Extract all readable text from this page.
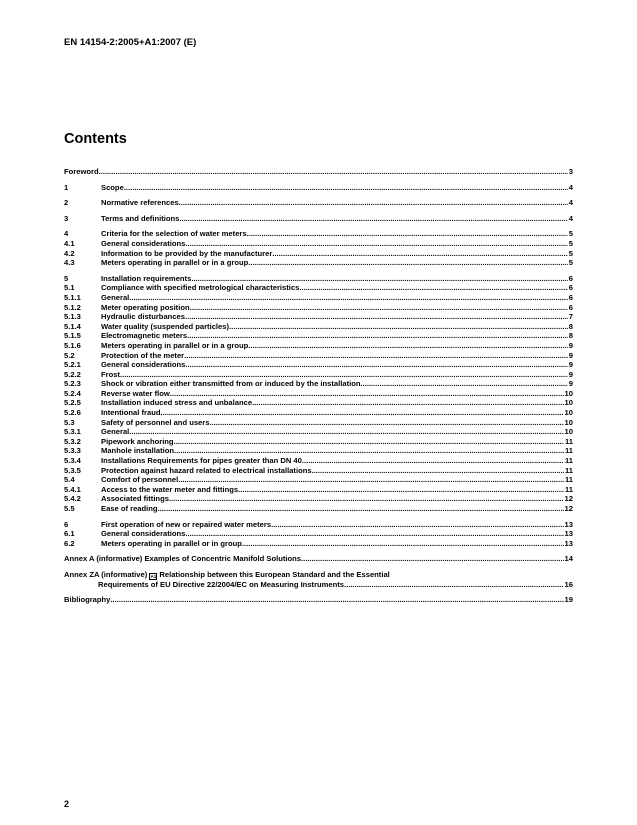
EN 14154-2:2005+A1:2007 (E)
Contents
Foreword .....	3
1	Scope .....	4
2	Normative references .....	4
3	Terms and definitions .....	4
4	Criteria for the selection of water meters .....	5
4.1	General considerations .....	5
4.2	Information to be provided by the manufacturer .....	5
4.3	Meters operating in parallel or in a group .....	5
5	Installation requirements .....	6
5.1	Compliance with specified metrological characteristics .....	6
5.1.1	General .....	6
5.1.2	Meter operating position .....	6
5.1.3	Hydraulic disturbances .....	7
5.1.4	Water quality (suspended particles) .....	8
5.1.5	Electromagnetic meters .....	8
5.1.6	Meters operating in parallel or in a group .....	9
5.2	Protection of the meter .....	9
5.2.1	General considerations .....	9
5.2.2	Frost .....	9
5.2.3	Shock or vibration either transmitted from or induced by the installation .....	9
5.2.4	Reverse water flow .....	10
5.2.5	Installation induced stress and unbalance .....	10
5.2.6	Intentional fraud .....	10
5.3	Safety of personnel and users .....	10
5.3.1	General .....	10
5.3.2	Pipework anchoring .....	11
5.3.3	Manhole installation .....	11
5.3.4	Installations Requirements for pipes greater than DN 40 .....	11
5.3.5	Protection against hazard related to electrical installations .....	11
5.4	Comfort of personnel .....	11
5.4.1	Access to the water meter and fittings .....	11
5.4.2	Associated fittings .....	12
5.5	Ease of reading .....	12
6	First operation of new or repaired water meters .....	13
6.1	General considerations .....	13
6.2	Meters operating in parallel or in group .....	13
Annex A (informative) Examples of Concentric Manifold Solutions .....	14
Annex ZA (informative) A1 Relationship between this European Standard and the Essential
Requirements of EU Directive 22/2004/EC on Measuring Instruments .....	16
Bibliography .....	19
2
